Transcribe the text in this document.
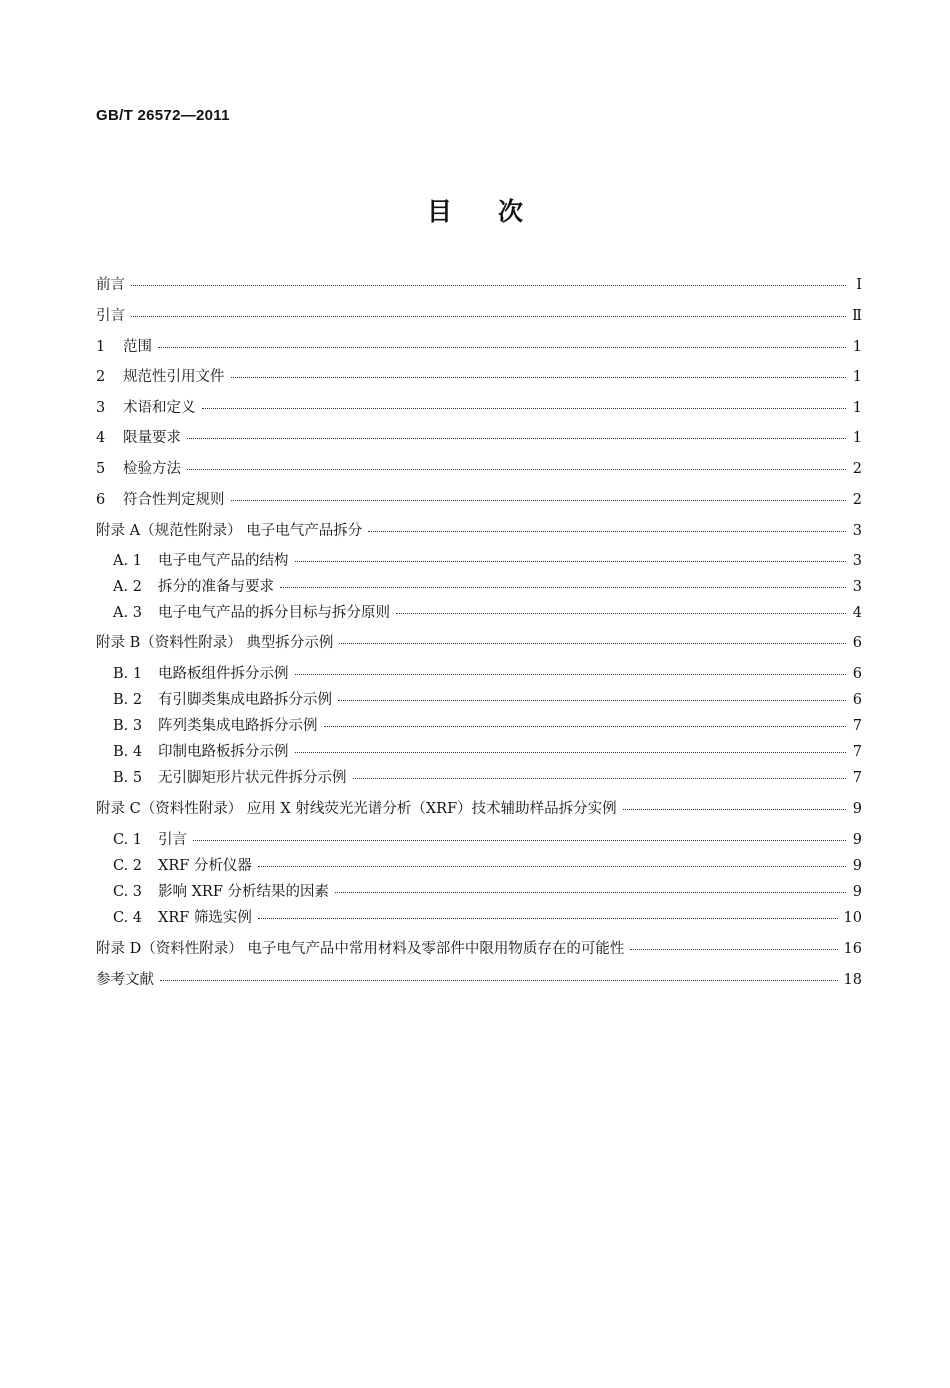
GB/T 26572—2011
目次
前言	Ⅰ
引言	Ⅱ
1	范围	1
2	规范性引用文件	1
3	术语和定义	1
4	限量要求	1
5	检验方法	2
6	符合性判定规则	2
附录 A（规范性附录） 电子电气产品拆分	3
A. 1	电子电气产品的结构	3
A. 2	拆分的准备与要求	3
A. 3	电子电气产品的拆分目标与拆分原则	4
附录 B（资料性附录） 典型拆分示例	6
B. 1	电路板组件拆分示例	6
B. 2	有引脚类集成电路拆分示例	6
B. 3	阵列类集成电路拆分示例	7
B. 4	印制电路板拆分示例	7
B. 5	无引脚矩形片状元件拆分示例	7
附录 C（资料性附录） 应用 X 射线荧光光谱分析（XRF）技术辅助样品拆分实例	9
C. 1	引言	9
C. 2	XRF 分析仪器	9
C. 3	影响 XRF 分析结果的因素	9
C. 4	XRF 筛选实例	10
附录 D（资料性附录） 电子电气产品中常用材料及零部件中限用物质存在的可能性	16
参考文献	18
